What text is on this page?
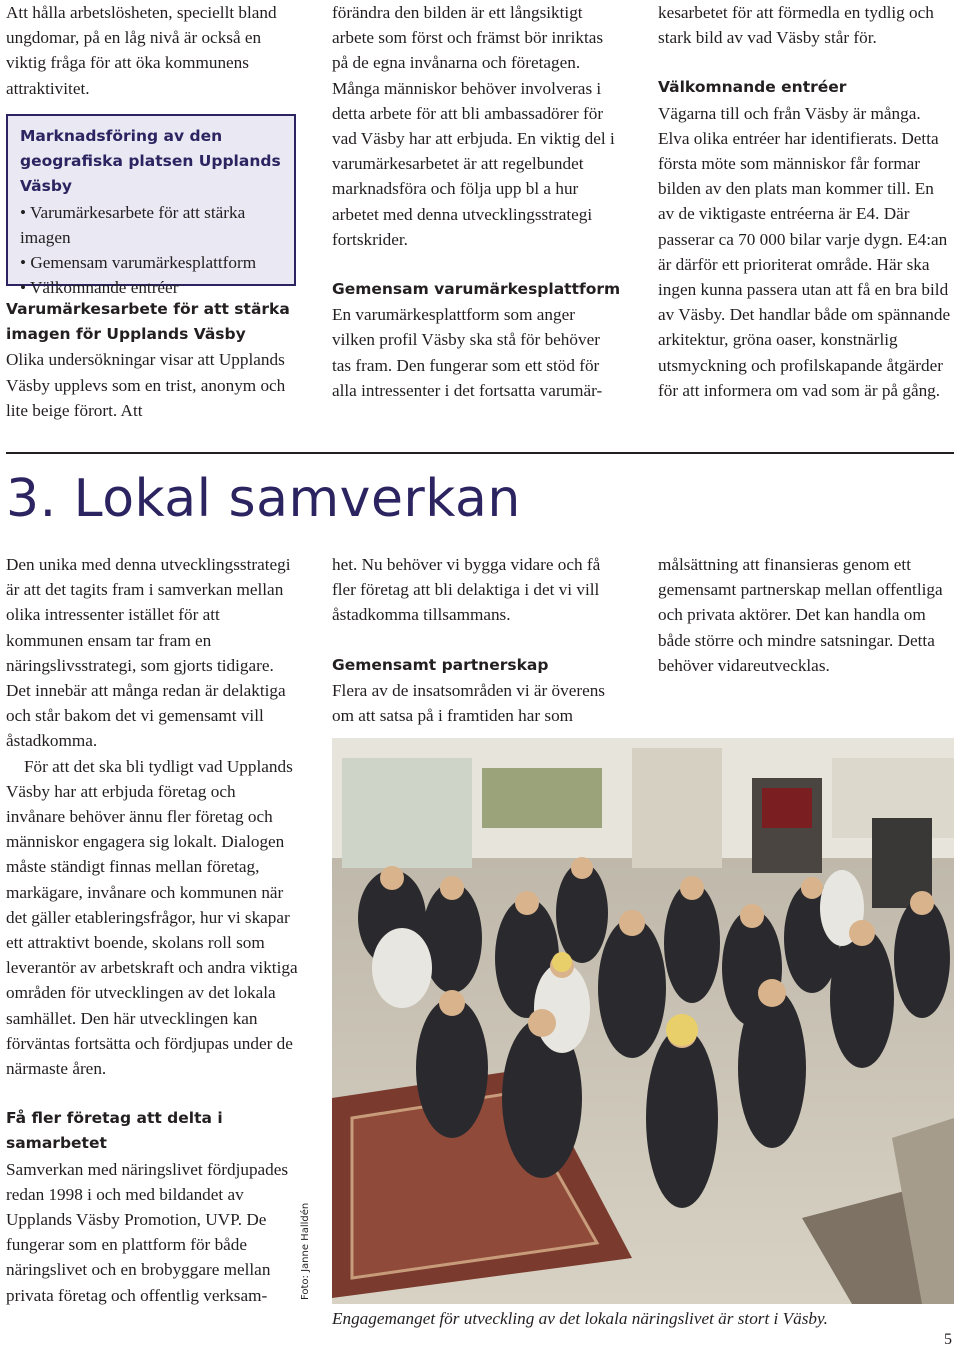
Att hålla arbetslösheten, speciellt bland ungdomar, på en låg nivå är också en viktig fråga för att öka kommunens attraktivitet.

Marknadsföring av den geografiska platsen Upplands Väsby
• Varumärkesarbete för att stärka imagen
• Gemensam varumärkesplattform
• Välkomnande entréer
Varumärkesarbete för att stärka imagen för Upplands Väsby

Olika undersökningar visar att Upplands Väsby upplevs som en trist, anonym och lite beige förort. Att

förändra den bilden är ett långsiktigt arbete som först och främst bör inriktas på de egna invånarna och företagen. Många människor behöver involveras i detta arbete för att bli ambassadörer för vad Väsby har att erbjuda. En viktig del i varumärkesarbetet är att regelbundet marknadsföra och följa upp bl a hur arbetet med denna utvecklingsstrategi fortskrider.

Gemensam varumärkesplattform

En varumärkesplattform som anger vilken profil Väsby ska stå för behöver tas fram. Den fungerar som ett stöd för alla intressenter i det fortsatta varumär-

kesarbetet för att förmedla en tydlig och stark bild av vad Väsby står för.

Välkomnande entréer

Vägarna till och från Väsby är många. Elva olika entréer har identifierats. Detta första möte som människor får formar bilden av den plats man kommer till. En av de viktigaste entréerna är E4. Där passerar ca 70 000 bilar varje dygn. E4:an är därför ett prioriterat område. Här ska ingen kunna passera utan att få en bra bild av Väsby. Det handlar både om spännande arkitektur, gröna oaser, konstnärlig utsmyckning och profilskapande åtgärder för att informera om vad som är på gång.

3. Lokal samverkan

Den unika med denna utvecklingsstrategi är att det tagits fram i samverkan mellan olika intressenter istället för att kommunen ensam tar fram en näringslivsstrategi, som gjorts tidigare. Det innebär att många redan är delaktiga och står bakom det vi gemensamt vill åstadkomma.

För att det ska bli tydligt vad Upplands Väsby har att erbjuda företag och invånare behöver ännu fler företag och människor engagera sig lokalt. Dialogen måste ständigt finnas mellan företag, markägare, invånare och kommunen när det gäller etableringsfrågor, hur vi skapar ett attraktivt boende, skolans roll som leverantör av arbetskraft och andra viktiga områden för utvecklingen av det lokala samhället. Den här utvecklingen kan förväntas fortsätta och fördjupas under de närmaste åren.

Få fler företag att delta i samarbetet

Samverkan med näringslivet fördjupades redan 1998 i och med bildandet av Upplands Väsby Promotion, UVP. De fungerar som en plattform för både näringslivet och en brobyggare mellan privata företag och offentlig verksam-

het. Nu behöver vi bygga vidare och få fler företag att bli delaktiga i det vi vill åstadkomma tillsammans.

Gemensamt partnerskap

Flera av de insatsområden vi är överens om att satsa på i framtiden har som

målsättning att finansieras genom ett gemensamt partnerskap mellan offentliga och privata aktörer. Det kan handla om både större och mindre satsningar. Detta behöver vidareutvecklas.

Foto: Janne Halldén
Engagemanget för utveckling av det lokala näringslivet är stort i Väsby.
5
